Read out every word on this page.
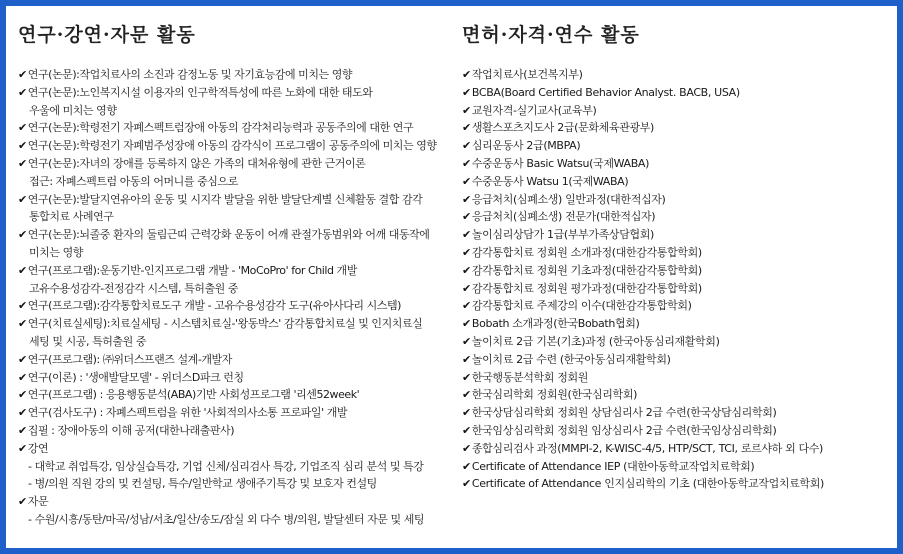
연구·강연·자문 활동
✔연구(논문):작업치료사의 소진과 감정노동 및 자기효능감에 미치는 영향
✔연구(논문):노인복지시설 이용자의 인구학적특성에 따른 노화에 대한 태도와
우울에 미치는 영향
✔연구(논문):학령전기 자폐스펙트럼장애 아동의 감각처리능력과 공동주의에 대한 연구
✔연구(논문):학령전기 자폐범주성장애 아동의 감각식이 프로그램이 공동주의에 미치는 영향
✔연구(논문):자녀의 장애를 등록하지 않은 가족의 대처유형에 관한 근거이론
접근: 자폐스펙트럼 아동의 어머니를 중심으로
✔연구(논문):발달지연유아의 운동 및 시지각 발달을 위한 발달단계별 신체활동 결합 감각
통합치료 사례연구
✔연구(논문):뇌졸중 환자의 둘림근띠 근력강화 운동이 어깨 관절가동범위와 어깨 대동작에
미치는 영향
✔연구(프로그램):운동기반-인지프로그램 개발 - 'MoCoPro' for Child 개발
고유수용성감각-전정감각 시스템, 특허출원 중
✔연구(프로그램):감각통합치료도구 개발 - 고유수용성감각 도구(유아사다리 시스템)
✔연구(치료실세팅):치료실세팅 - 시스템치료실-'왕동박스' 감각통합치료실 및 인지치료실
세팅 및 시공, 특허출원 중
✔연구(프로그램): ㈜위더스프랜즈 설계-개발자
✔연구(이론) : '생애발달모델' - 위더스D파크 런칭
✔연구(프로그램) : 응용행동분석(ABA)기반 사회성프로그램 '리센52week'
✔연구(검사도구) : 자폐스펙트럼을 위한 '사회적의사소통 프로파일' 개발
✔집필 : 장애아동의 이해 공저(대한나래출판사)
✔강연
- 대학교 취업특강, 임상실습특강, 기업 신체/심리검사 특강, 기업조직 심리 분석 및 특강
- 병/의원 직원 강의 및 컨설팅, 특수/일반학교 생애주기특강 및 보호자 컨설팅
✔자문
- 수원/시흥/동탄/마곡/성남/서초/일산/송도/잠실 외 다수 병/의원, 발달센터 자문 및 세팅
면허·자격·연수 활동
✔작업치료사(보건복지부)
✔BCBA(Board Certified Behavior Analyst. BACB, USA)
✔교원자격-실기교사(교육부)
✔생활스포츠지도사 2급(문화체육관광부)
✔심리운동사 2급(MBPA)
✔수중운동사 Basic Watsu(국제WABA)
✔수중운동사 Watsu 1(국제WABA)
✔응급처치(심폐소생) 일반과정(대한적십자)
✔응급처치(심폐소생) 전문가(대한적십자)
✔놀이심리상담가 1급(부부가족상담협회)
✔감각통합치료 정회원 소개과정(대한감각통합학회)
✔감각통합치료 정회원 기초과정(대한감각통합학회)
✔감각통합치료 정회원 평가과정(대한감각통합학회)
✔감각통합치료 주제강의 이수(대한감각통합학회)
✔Bobath 소개과정(한국Bobath협회)
✔놀이치료 2급 기본(기초)과정 (한국아동심리재활학회)
✔놀이치료 2급 수련 (한국아동심리재활학회)
✔한국행동분석학회 정회원
✔한국심리학회 정회원(한국심리학회)
✔한국상담심리학회 정회원 상담심리사 2급 수련(한국상담심리학회)
✔한국임상심리학회 정회원 임상심리사 2급 수련(한국임상심리학회)
✔종합심리검사 과정(MMPI-2, K-WISC-4/5, HTP/SCT, TCI, 로르샤하 외 다수)
✔Certificate of Attendance IEP (대한아동학교작업치료학회)
✔Certificate of Attendance 인지심리학의 기초 (대한아동학교작업치료학회)
